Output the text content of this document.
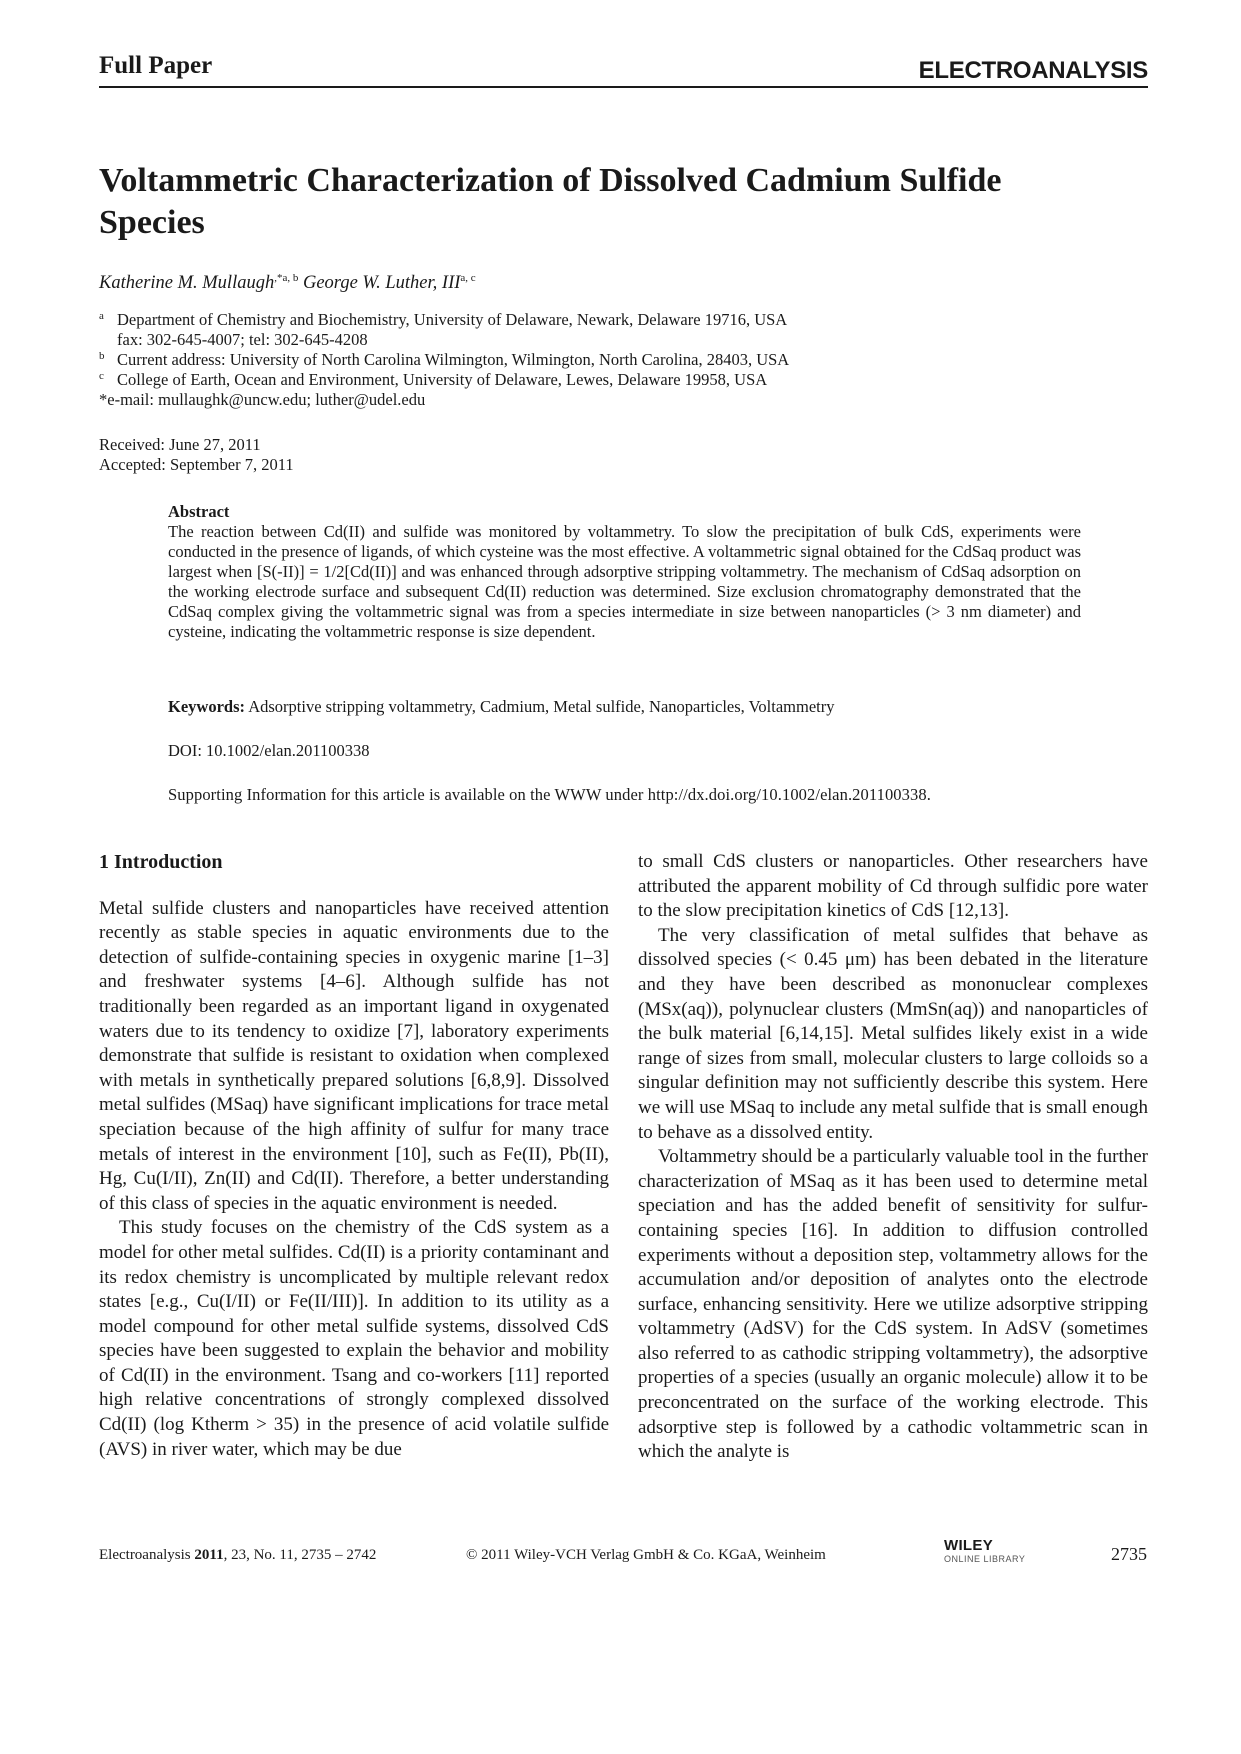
Full Paper	ELECTROANALYSIS
Voltammetric Characterization of Dissolved Cadmium Sulfide Species
Katherine M. Mullaugh$^{,*a, b}$ George W. Luther, III$^{a, c}$
a Department of Chemistry and Biochemistry, University of Delaware, Newark, Delaware 19716, USA
fax: 302-645-4007; tel: 302-645-4208
b Current address: University of North Carolina Wilmington, Wilmington, North Carolina, 28403, USA
c College of Earth, Ocean and Environment, University of Delaware, Lewes, Delaware 19958, USA
*e-mail: mullaughk@uncw.edu; luther@udel.edu
Received: June 27, 2011
Accepted: September 7, 2011
Abstract

The reaction between Cd(II) and sulfide was monitored by voltammetry. To slow the precipitation of bulk CdS, experiments were conducted in the presence of ligands, of which cysteine was the most effective. A voltammetric signal obtained for the CdSaq product was largest when [S(-II)] = 1/2[Cd(II)] and was enhanced through adsorptive stripping voltammetry. The mechanism of CdSaq adsorption on the working electrode surface and subsequent Cd(II) reduction was determined. Size exclusion chromatography demonstrated that the CdSaq complex giving the voltammetric signal was from a species intermediate in size between nanoparticles (> 3 nm diameter) and cysteine, indicating the voltammetric response is size dependent.

Keywords: Adsorptive stripping voltammetry, Cadmium, Metal sulfide, Nanoparticles, Voltammetry
DOI: 10.1002/elan.201100338
Supporting Information for this article is available on the WWW under http://dx.doi.org/10.1002/elan.201100338.

1 Introduction

Metal sulfide clusters and nanoparticles have received attention recently as stable species in aquatic environments due to the detection of sulfide-containing species in oxygenic marine [1–3] and freshwater systems [4–6]. Although sulfide has not traditionally been regarded as an important ligand in oxygenated waters due to its tendency to oxidize [7], laboratory experiments demonstrate that sulfide is resistant to oxidation when complexed with metals in synthetically prepared solutions [6,8,9]. Dissolved metal sulfides (MSaq) have significant implications for trace metal speciation because of the high affinity of sulfur for many trace metals of interest in the environment [10], such as Fe(II), Pb(II), Hg, Cu(I/II), Zn(II) and Cd(II). Therefore, a better understanding of this class of species in the aquatic environment is needed.

This study focuses on the chemistry of the CdS system as a model for other metal sulfides. Cd(II) is a priority contaminant and its redox chemistry is uncomplicated by multiple relevant redox states [e.g., Cu(I/II) or Fe(II/III)]. In addition to its utility as a model compound for other metal sulfide systems, dissolved CdS species have been suggested to explain the behavior and mobility of Cd(II) in the environment. Tsang and co-workers [11] reported high relative concentrations of strongly complexed dissolved Cd(II) (log Ktherm > 35) in the presence of acid volatile sulfide (AVS) in river water, which may be due

to small CdS clusters or nanoparticles. Other researchers have attributed the apparent mobility of Cd through sulfidic pore water to the slow precipitation kinetics of CdS [12,13].

The very classification of metal sulfides that behave as dissolved species (< 0.45 μm) has been debated in the literature and they have been described as mononuclear complexes (MSx(aq)), polynuclear clusters (MmSn(aq)) and nanoparticles of the bulk material [6,14,15]. Metal sulfides likely exist in a wide range of sizes from small, molecular clusters to large colloids so a singular definition may not sufficiently describe this system. Here we will use MSaq to include any metal sulfide that is small enough to behave as a dissolved entity.

Voltammetry should be a particularly valuable tool in the further characterization of MSaq as it has been used to determine metal speciation and has the added benefit of sensitivity for sulfur-containing species [16]. In addition to diffusion controlled experiments without a deposition step, voltammetry allows for the accumulation and/or deposition of analytes onto the electrode surface, enhancing sensitivity. Here we utilize adsorptive stripping voltammetry (AdSV) for the CdS system. In AdSV (sometimes also referred to as cathodic stripping voltammetry), the adsorptive properties of a species (usually an organic molecule) allow it to be preconcentrated on the surface of the working electrode. This adsorptive step is followed by a cathodic voltammetric scan in which the analyte is

Electroanalysis 2011, 23, No. 11, 2735 – 2742	© 2011 Wiley-VCH Verlag GmbH & Co. KGaA, Weinheim
WILEY
ONLINE LIBRARY	2735
